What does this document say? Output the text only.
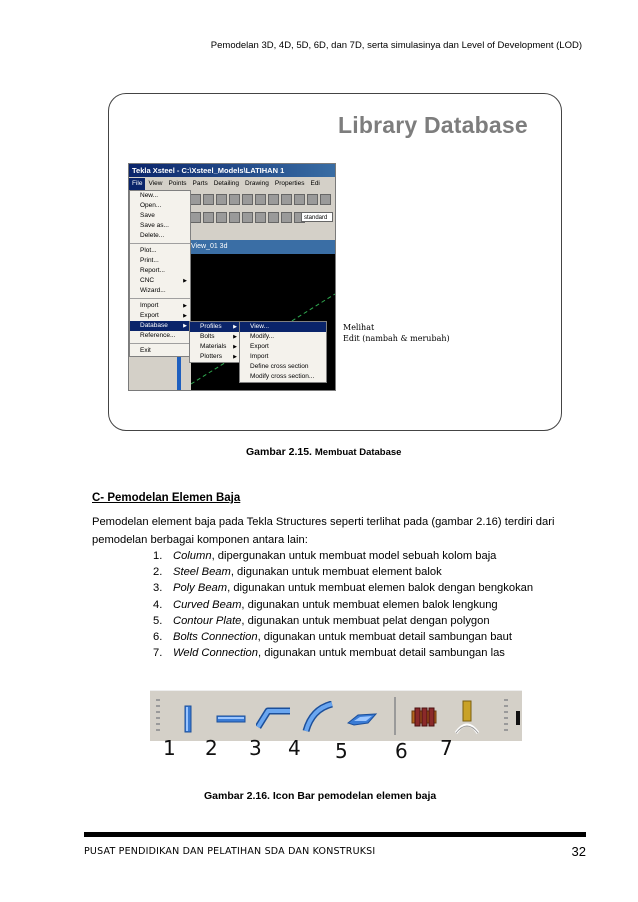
Pemodelan 3D, 4D, 5D, 6D, dan 7D, serta simulasinya dan Level of Development (LOD)
Library Database
Tekla Xsteel - C:\Xsteel_Models\LATIHAN 1
File View Points Parts Detailing Drawing Properties Edi
standard
View_01 3d
New...
Open...
Save
Save as...
Delete...
Plot...
Print...
Report...
CNC	▶
Wizard...
Import	▶
Export	▶
Database	▶
Reference...
Exit
Profiles ▶
Bolts	▶
Materials ▶
Plotters ▶
View...
Modify...
Export
Import
Define cross section
Modify cross section...
Melihat
Edit (nambah & merubah)
Gambar 2.15. Membuat Database
C- Pemodelan Elemen Baja
Pemodelan element baja pada Tekla Structures seperti terlihat pada (gambar 2.16) terdiri dari pemodelan berbagai komponen antara lain:
1. Column, dipergunakan untuk membuat model sebuah kolom baja
2. Steel Beam, digunakan untuk membuat element balok
3. Poly Beam, digunakan untuk membuat elemen balok dengan bengkokan
4. Curved Beam, digunakan untuk membuat elemen balok lengkung
5. Contour Plate, digunakan untuk membuat pelat dengan polygon
6. Bolts Connection, digunakan untuk membuat detail sambungan baut
7. Weld Connection, digunakan untuk membuat detail sambungan las
1 2 3 4 5 6 7
Gambar 2.16. Icon Bar pemodelan elemen baja
PUSAT PENDIDIKAN DAN PELATIHAN SDA DAN KONSTRUKSI	32
